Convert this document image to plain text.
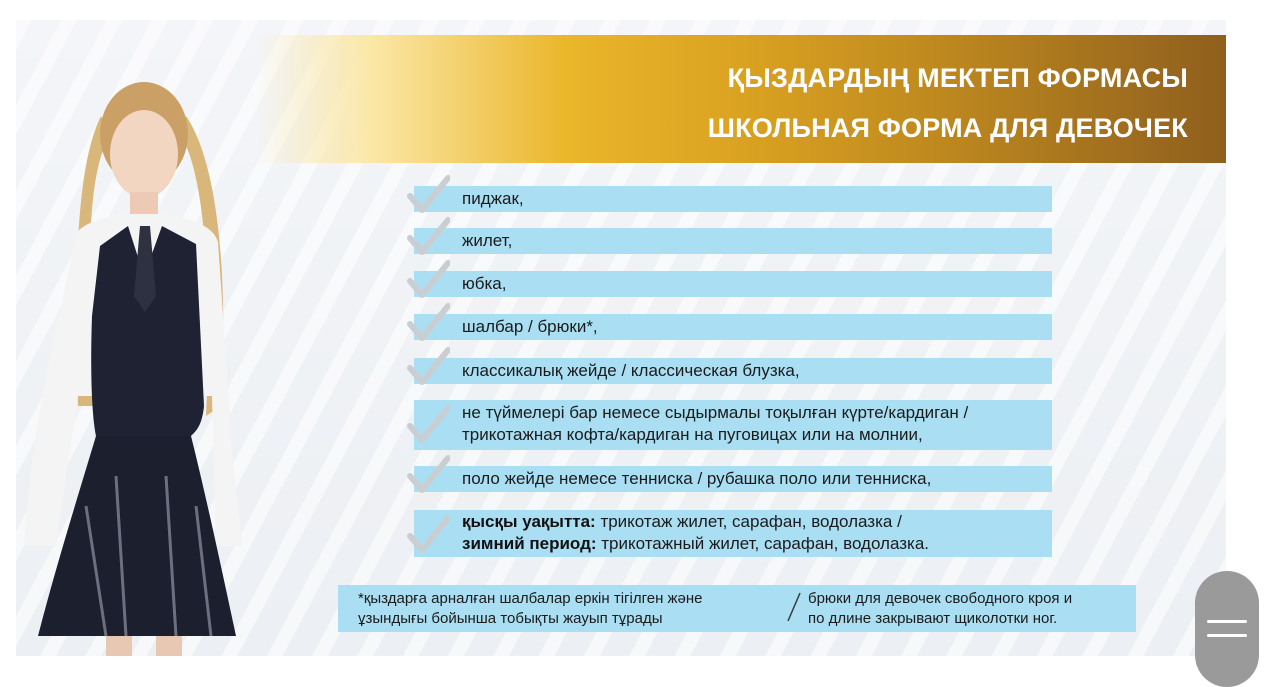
ҚЫЗДАРДЫҢ МЕКТЕП ФОРМАСЫ
ШКОЛЬНАЯ ФОРМА ДЛЯ ДЕВОЧЕК
пиджак,
жилет,
юбка,
шалбар / брюки*,
классикалық жейде / классическая блузка,
не түймелері бар немесе сыдырмалы тоқылған күрте/кардиган /
трикотажная кофта/кардиган на пуговицах или на молнии,
поло жейде немесе тенниска / рубашка поло или тенниска,
қысқы уақытта: трикотаж жилет, сарафан, водолазка /
зимний период: трикотажный жилет, сарафан, водолазка.
*қыздарға арналған шалбалар еркін тігілген және
ұзындығы бойынша тобықты жауып тұрады
брюки для девочек свободного кроя и
по длине закрывают щиколотки ног.
